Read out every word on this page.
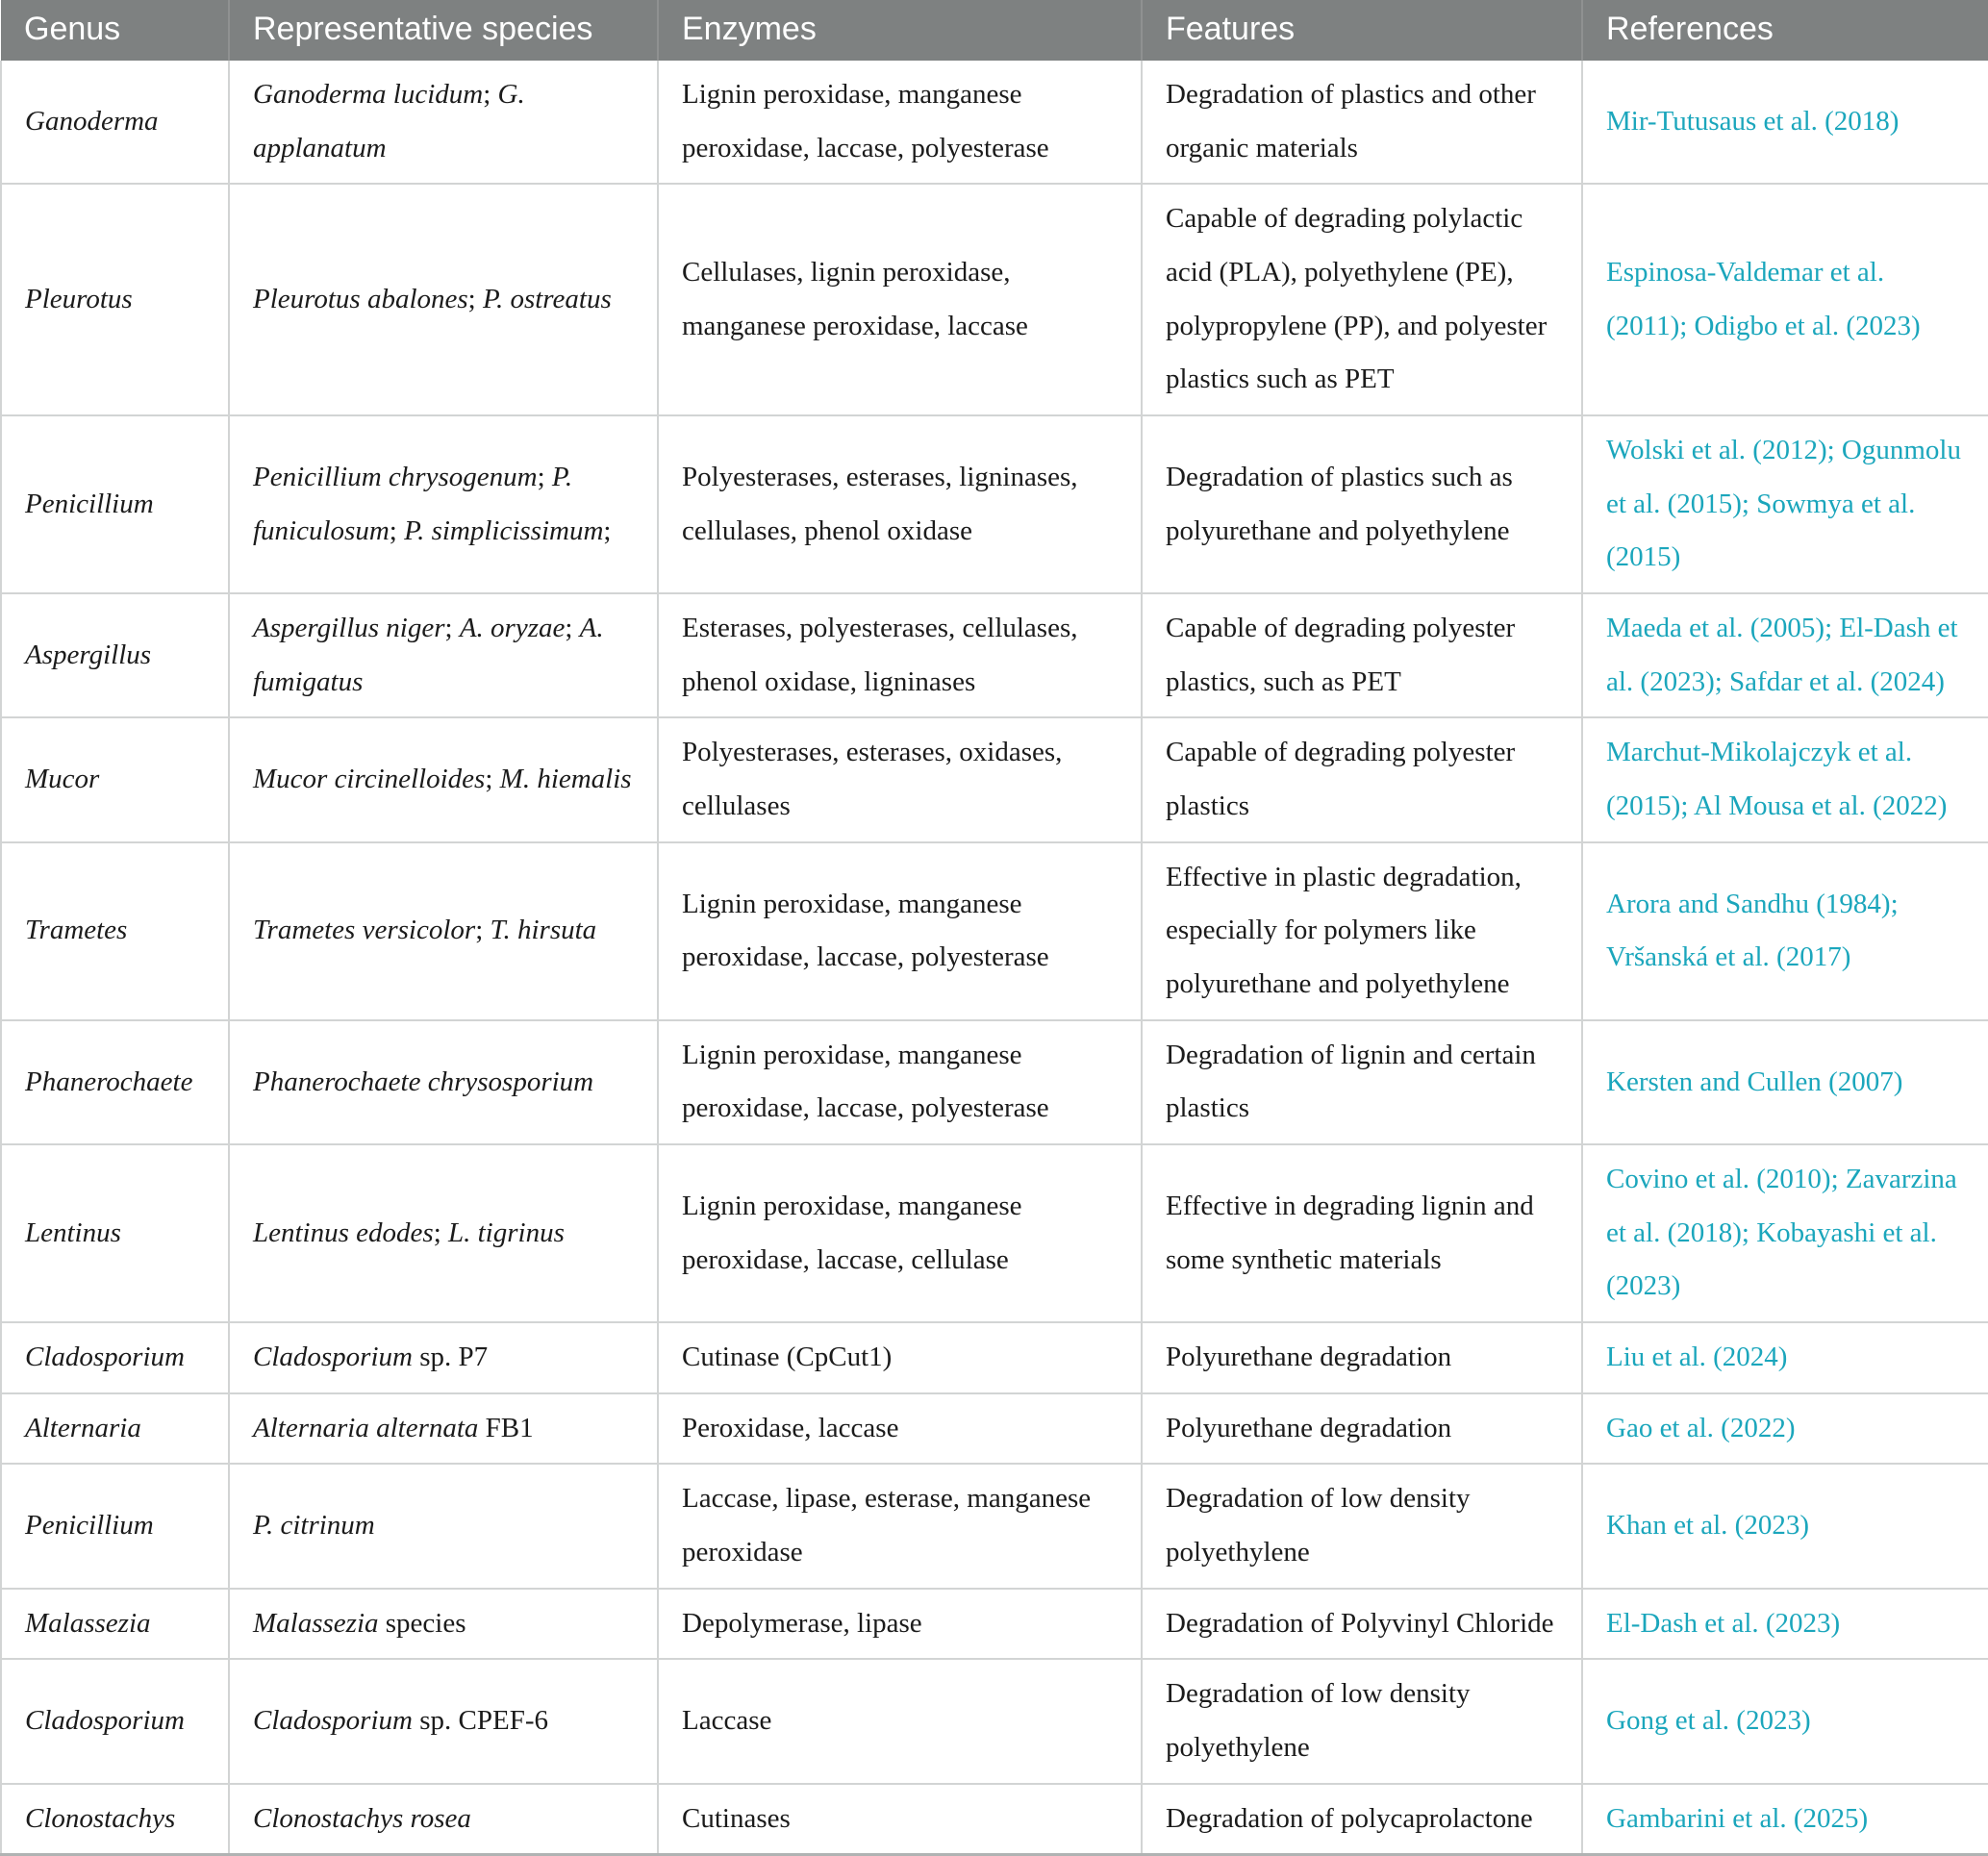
Genus	Representative species	Enzymes	Features	References
Ganoderma	Ganoderma lucidum; G. applanatum	Lignin peroxidase, manganese peroxidase, laccase, polyesterase	Degradation of plastics and other organic materials	Mir-Tutusaus et al. (2018)
Pleurotus	Pleurotus abalones; P. ostreatus	Cellulases, lignin peroxidase, manganese peroxidase, laccase	Capable of degrading polylactic acid (PLA), polyethylene (PE), polypropylene (PP), and polyester plastics such as PET	Espinosa-Valdemar et al. (2011); Odigbo et al. (2023)
Penicillium	Penicillium chrysogenum; P. funiculosum; P. simplicissimum;	Polyesterases, esterases, ligninases, cellulases, phenol oxidase	Degradation of plastics such as polyurethane and polyethylene	Wolski et al. (2012); Ogunmolu et al. (2015); Sowmya et al. (2015)
Aspergillus	Aspergillus niger; A. oryzae; A. fumigatus	Esterases, polyesterases, cellulases, phenol oxidase, ligninases	Capable of degrading polyester plastics, such as PET	Maeda et al. (2005); El-Dash et al. (2023); Safdar et al. (2024)
Mucor	Mucor circinelloides; M. hiemalis	Polyesterases, esterases, oxidases, cellulases	Capable of degrading polyester plastics	Marchut-Mikolajczyk et al. (2015); Al Mousa et al. (2022)
Trametes	Trametes versicolor; T. hirsuta	Lignin peroxidase, manganese peroxidase, laccase, polyesterase	Effective in plastic degradation, especially for polymers like polyurethane and polyethylene	Arora and Sandhu (1984); Vršanská et al. (2017)
Phanerochaete	Phanerochaete chrysosporium	Lignin peroxidase, manganese peroxidase, laccase, polyesterase	Degradation of lignin and certain plastics	Kersten and Cullen (2007)
Lentinus	Lentinus edodes; L. tigrinus	Lignin peroxidase, manganese peroxidase, laccase, cellulase	Effective in degrading lignin and some synthetic materials	Covino et al. (2010); Zavarzina et al. (2018); Kobayashi et al. (2023)
Cladosporium	Cladosporium sp. P7	Cutinase (CpCut1)	Polyurethane degradation	Liu et al. (2024)
Alternaria	Alternaria alternata FB1	Peroxidase, laccase	Polyurethane degradation	Gao et al. (2022)
Penicillium	P. citrinum	Laccase, lipase, esterase, manganese peroxidase	Degradation of low density polyethylene	Khan et al. (2023)
Malassezia	Malassezia species	Depolymerase, lipase	Degradation of Polyvinyl Chloride	El-Dash et al. (2023)
Cladosporium	Cladosporium sp. CPEF-6	Laccase	Degradation of low density polyethylene	Gong et al. (2023)
Clonostachys	Clonostachys rosea	Cutinases	Degradation of polycaprolactone	Gambarini et al. (2025)
